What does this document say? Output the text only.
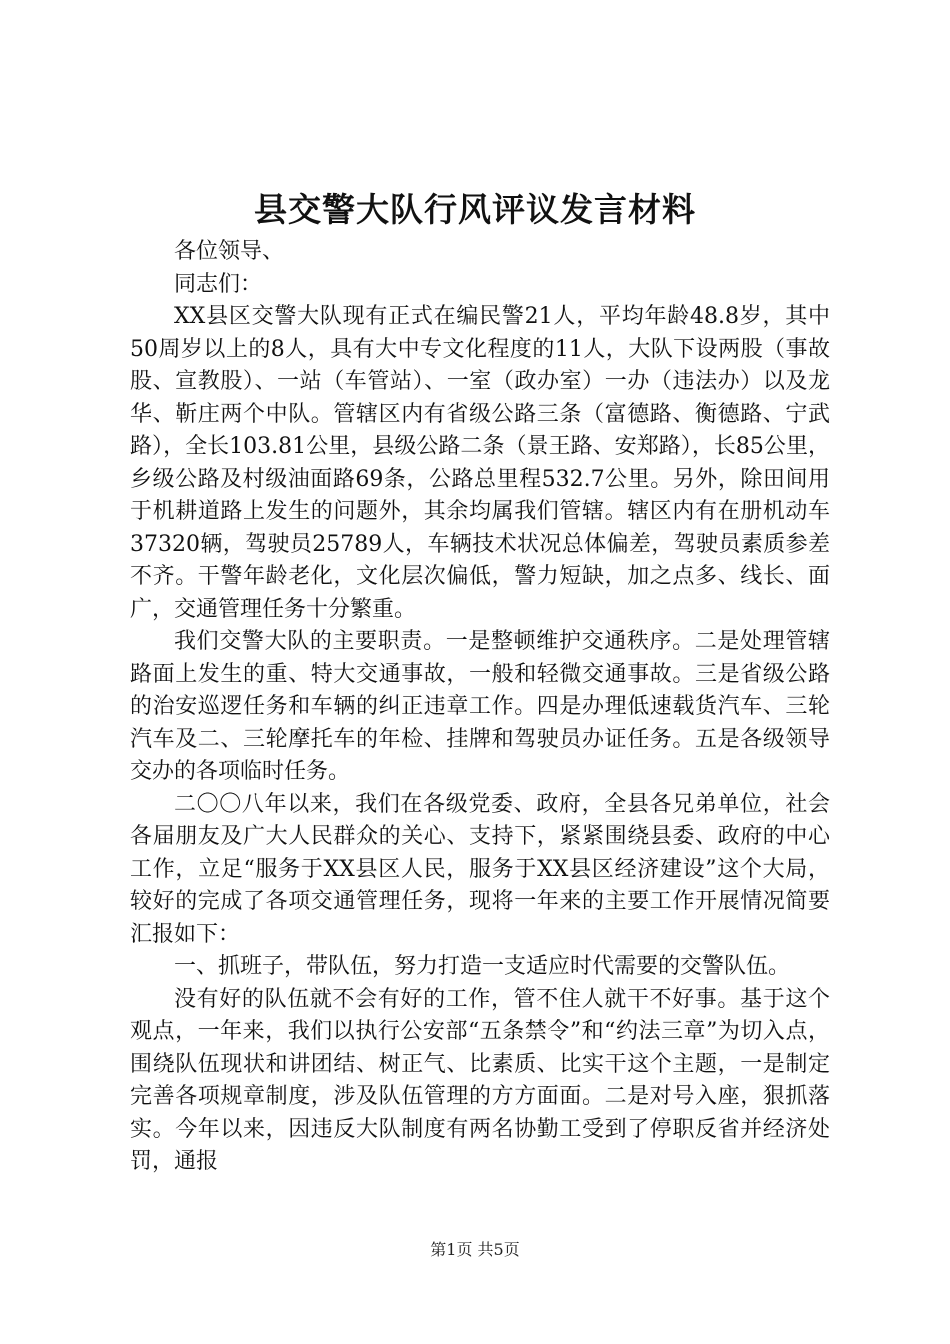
县交警大队行风评议发言材料

各位领导、

同志们：

XX县区交警大队现有正式在编民警21人，平均年龄48.8岁，其中50周岁以上的8人，具有大中专文化程度的11人，大队下设两股（事故股、宣教股）、一站（车管站）、一室（政办室）一办（违法办）以及龙华、靳庄两个中队。管辖区内有省级公路三条（富德路、衡德路、宁武路），全长103.81公里，县级公路二条（景王路、安郑路），长85公里，乡级公路及村级油面路69条，公路总里程532.7公里。另外，除田间用于机耕道路上发生的问题外，其余均属我们管辖。辖区内有在册机动车37320辆，驾驶员25789人，车辆技术状况总体偏差，驾驶员素质参差不齐。干警年龄老化，文化层次偏低，警力短缺，加之点多、线长、面广，交通管理任务十分繁重。

我们交警大队的主要职责。一是整顿维护交通秩序。二是处理管辖路面上发生的重、特大交通事故，一般和轻微交通事故。三是省级公路的治安巡逻任务和车辆的纠正违章工作。四是办理低速载货汽车、三轮汽车及二、三轮摩托车的年检、挂牌和驾驶员办证任务。五是各级领导交办的各项临时任务。

二〇〇八年以来，我们在各级党委、政府，全县各兄弟单位，社会各届朋友及广大人民群众的关心、支持下，紧紧围绕县委、政府的中心工作，立足“服务于XX县区人民，服务于XX县区经济建设”这个大局，较好的完成了各项交通管理任务，现将一年来的主要工作开展情况简要汇报如下：

一、抓班子，带队伍，努力打造一支适应时代需要的交警队伍。

没有好的队伍就不会有好的工作，管不住人就干不好事。基于这个观点，一年来，我们以执行公安部“五条禁令”和“约法三章”为切入点，围绕队伍现状和讲团结、树正气、比素质、比实干这个主题，一是制定完善各项规章制度，涉及队伍管理的方方面面。二是对号入座，狠抓落实。今年以来，因违反大队制度有两名协勤工受到了停职反省并经济处罚，通报

第1页 共5页
